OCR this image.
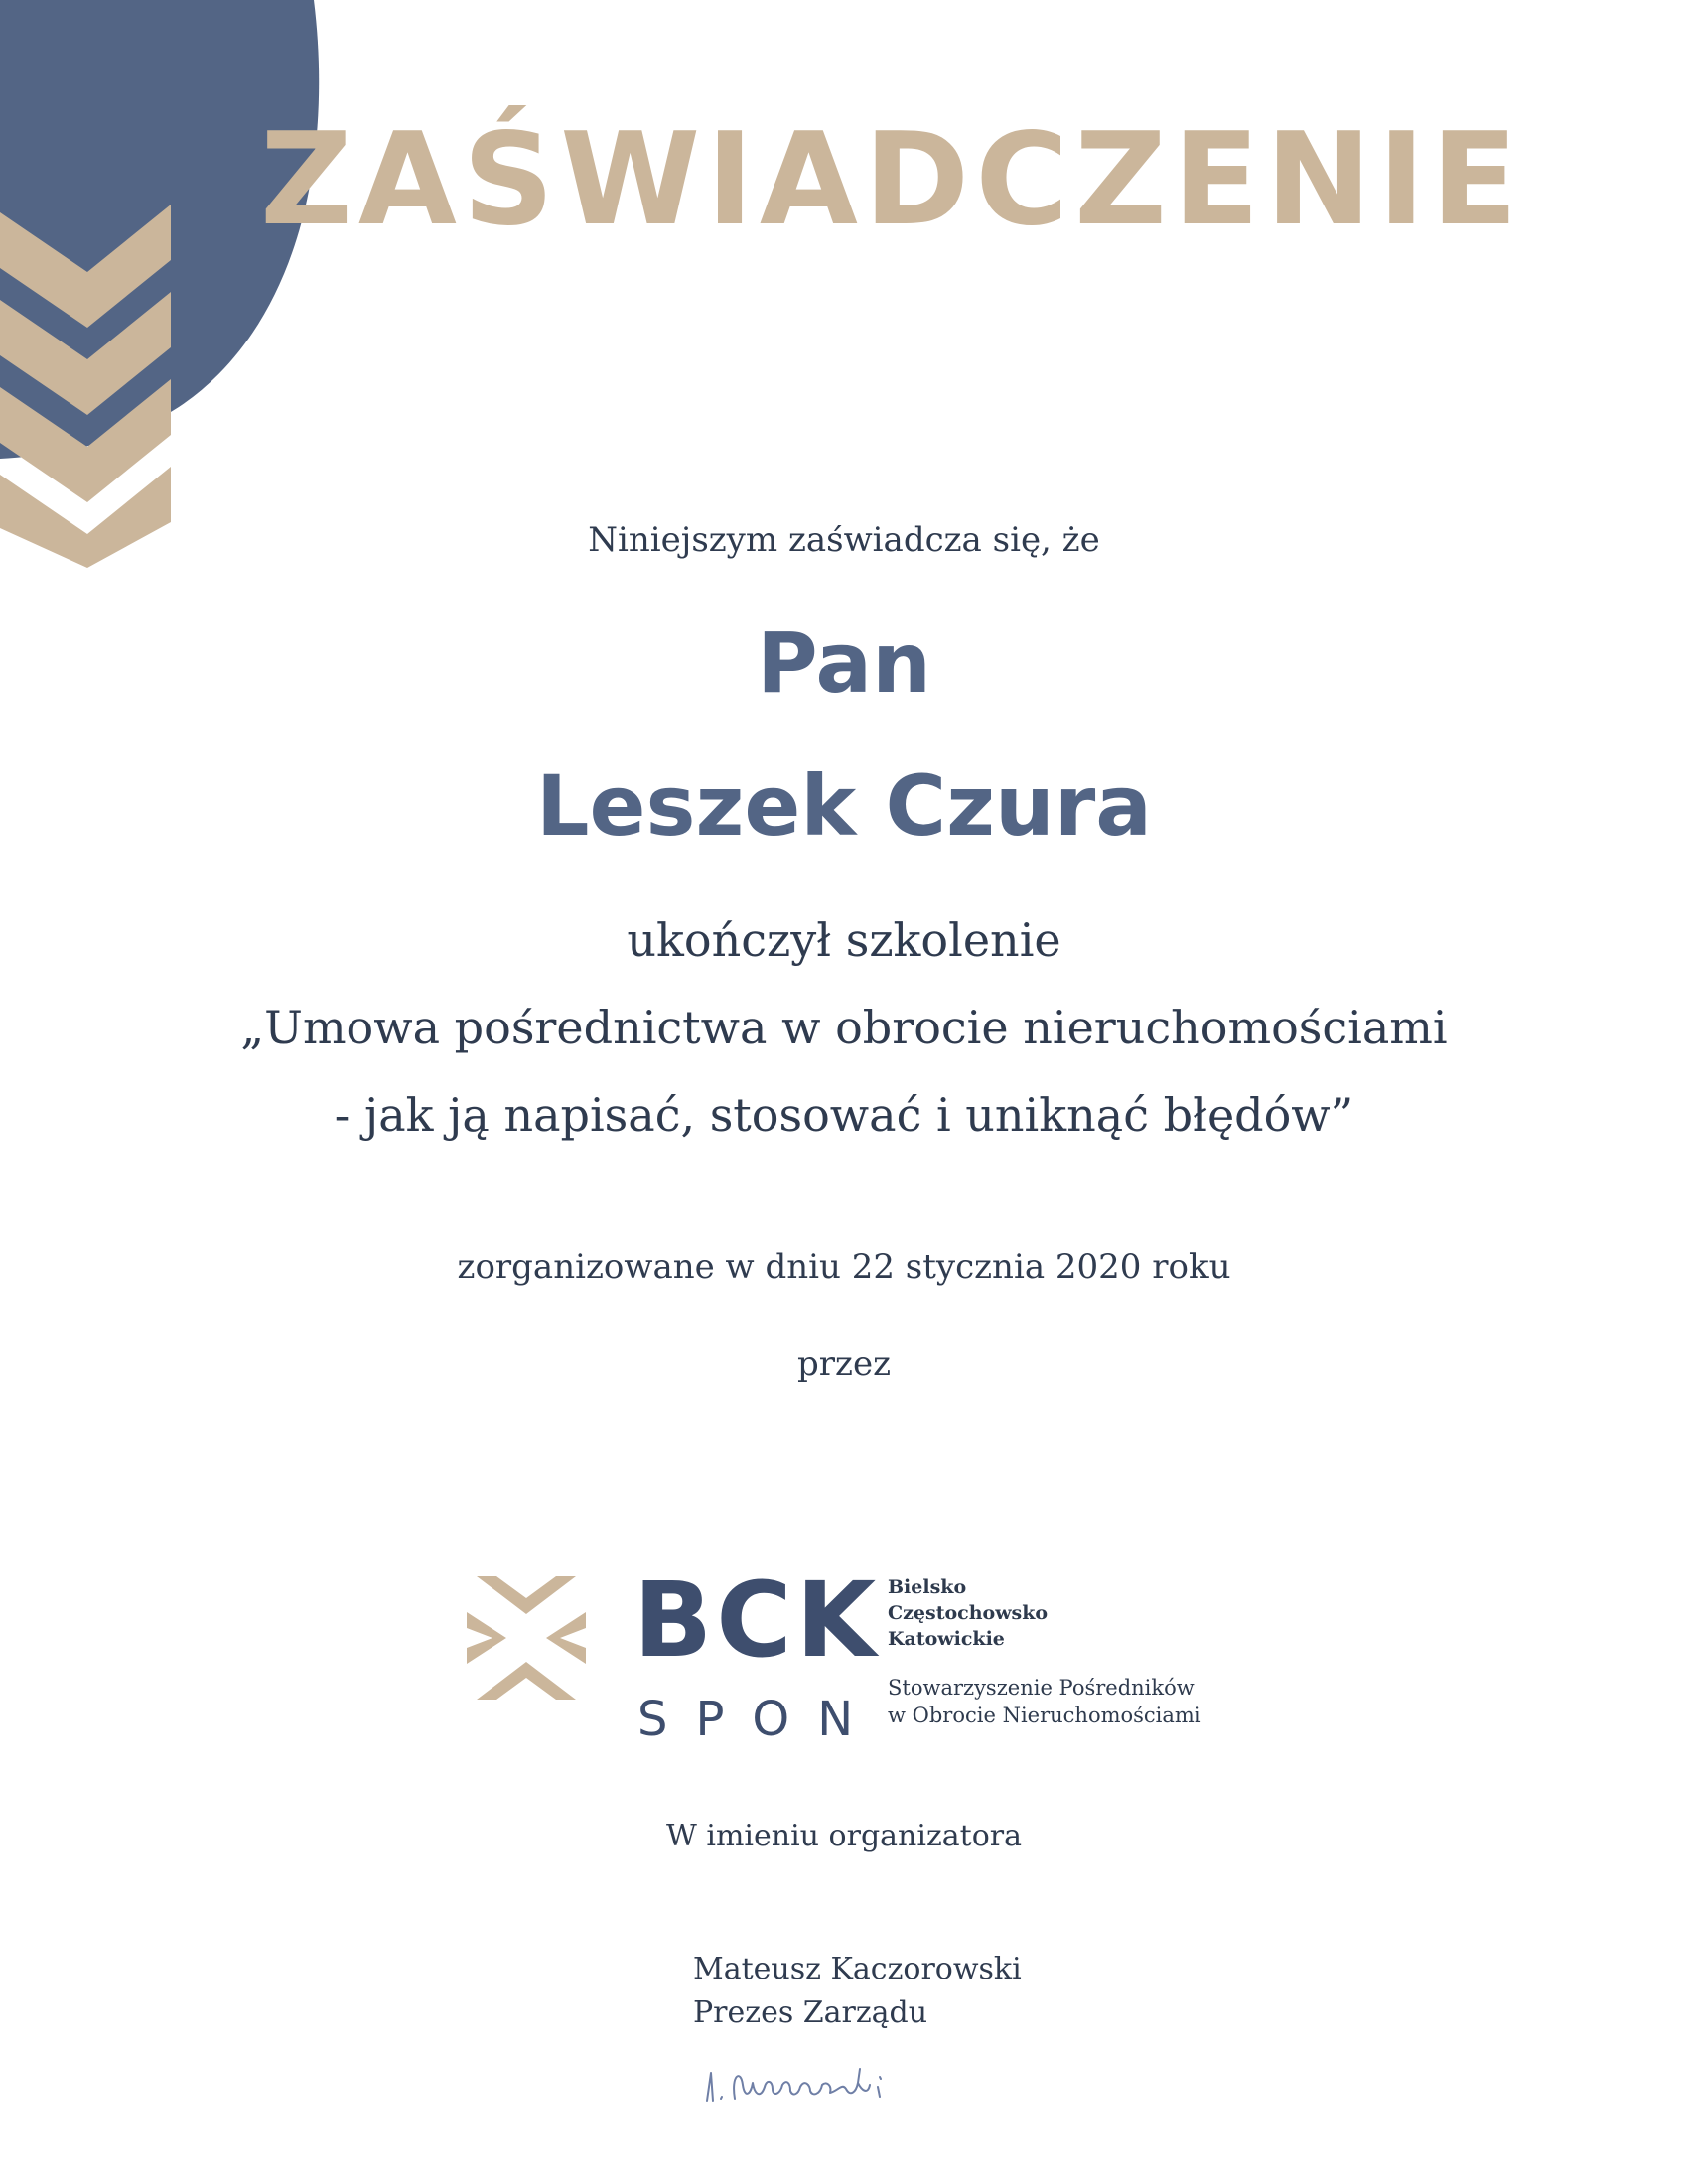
ZAŚWIADCZENIE
Niniejszym zaświadcza się, że
Pan
Leszek Czura
ukończył szkolenie
„Umowa pośrednictwa w obrocie nieruchomościami
- jak ją napisać, stosować i uniknąć błędów”
zorganizowane w dniu 22 stycznia 2020 roku
przez
BCK
SPON
Bielsko
Częstochowsko
Katowickie
Stowarzyszenie Pośredników
w Obrocie Nieruchomościami
W imieniu organizatora
Mateusz Kaczorowski
Prezes Zarządu
